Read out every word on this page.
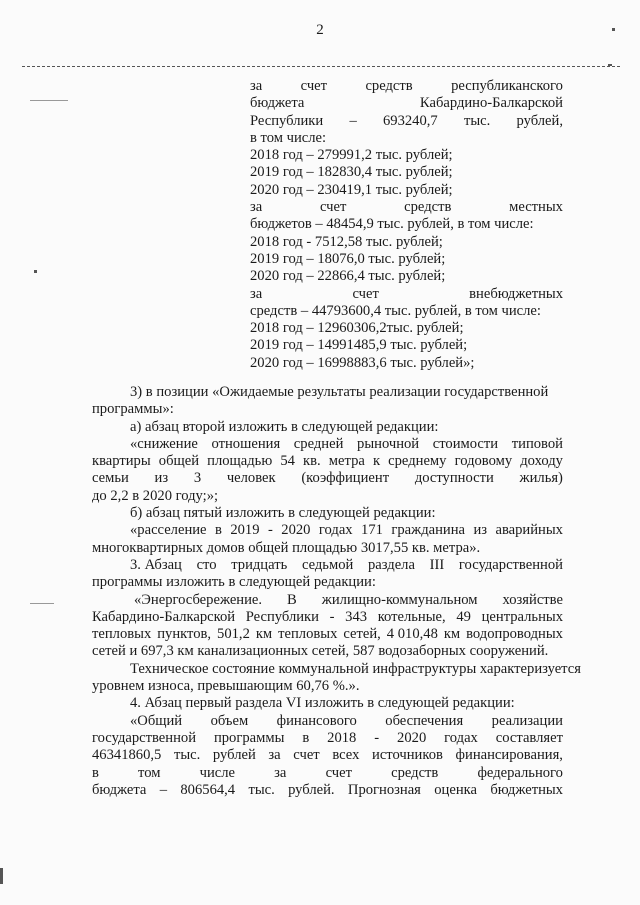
2
за	счет	средств	республиканского
бюджета	Кабардино-Балкарской
Республики – 693240,7 тыс. рублей,
в том числе:
2018 год – 279991,2 тыс. рублей;
2019 год – 182830,4 тыс. рублей;
2020 год – 230419,1 тыс. рублей;
за	счет	средств	местных
бюджетов – 48454,9 тыс. рублей, в том числе:
2018 год - 7512,58 тыс. рублей;
2019 год – 18076,0 тыс. рублей;
2020 год – 22866,4 тыс. рублей;
за	счет	внебюджетных
средств – 44793600,4 тыс. рублей, в том числе:
2018 год – 12960306,2тыс. рублей;
2019 год – 14991485,9 тыс. рублей;
2020 год – 16998883,6 тыс. рублей»;
3) в позиции «Ожидаемые результаты реализации государственной
программы»:
а) абзац второй изложить в следующей редакции:
«снижение отношения средней рыночной стоимости типовой
квартиры общей площадью 54 кв. метра к среднему годовому доходу
семьи из 3 человек (коэффициент доступности жилья)
до 2,2 в 2020 году;»;
б) абзац пятый изложить в следующей редакции:
«расселение в 2019 - 2020 годах 171 гражданина из аварийных
многоквартирных домов общей площадью 3017,55 кв. метра».
3. Абзац сто тридцать седьмой раздела III государственной
программы изложить в следующей редакции:
«Энергосбережение. В жилищно-коммунальном хозяйстве
Кабардино-Балкарской Республики - 343 котельные, 49 центральных
тепловых пунктов, 501,2 км тепловых сетей, 4 010,48 км водопроводных
сетей и 697,3 км канализационных сетей, 587 водозаборных сооружений.
Техническое состояние коммунальной инфраструктуры характеризуется
уровнем износа, превышающим 60,76 %.».
4. Абзац первый раздела VI изложить в следующей редакции:
«Общий объем финансового обеспечения реализации
государственной программы в 2018 - 2020 годах составляет
46341860,5 тыс. рублей за счет всех источников финансирования,
в	том	числе	за	счет	средств	федерального
бюджета – 806564,4 тыс. рублей. Прогнозная оценка бюджетных
